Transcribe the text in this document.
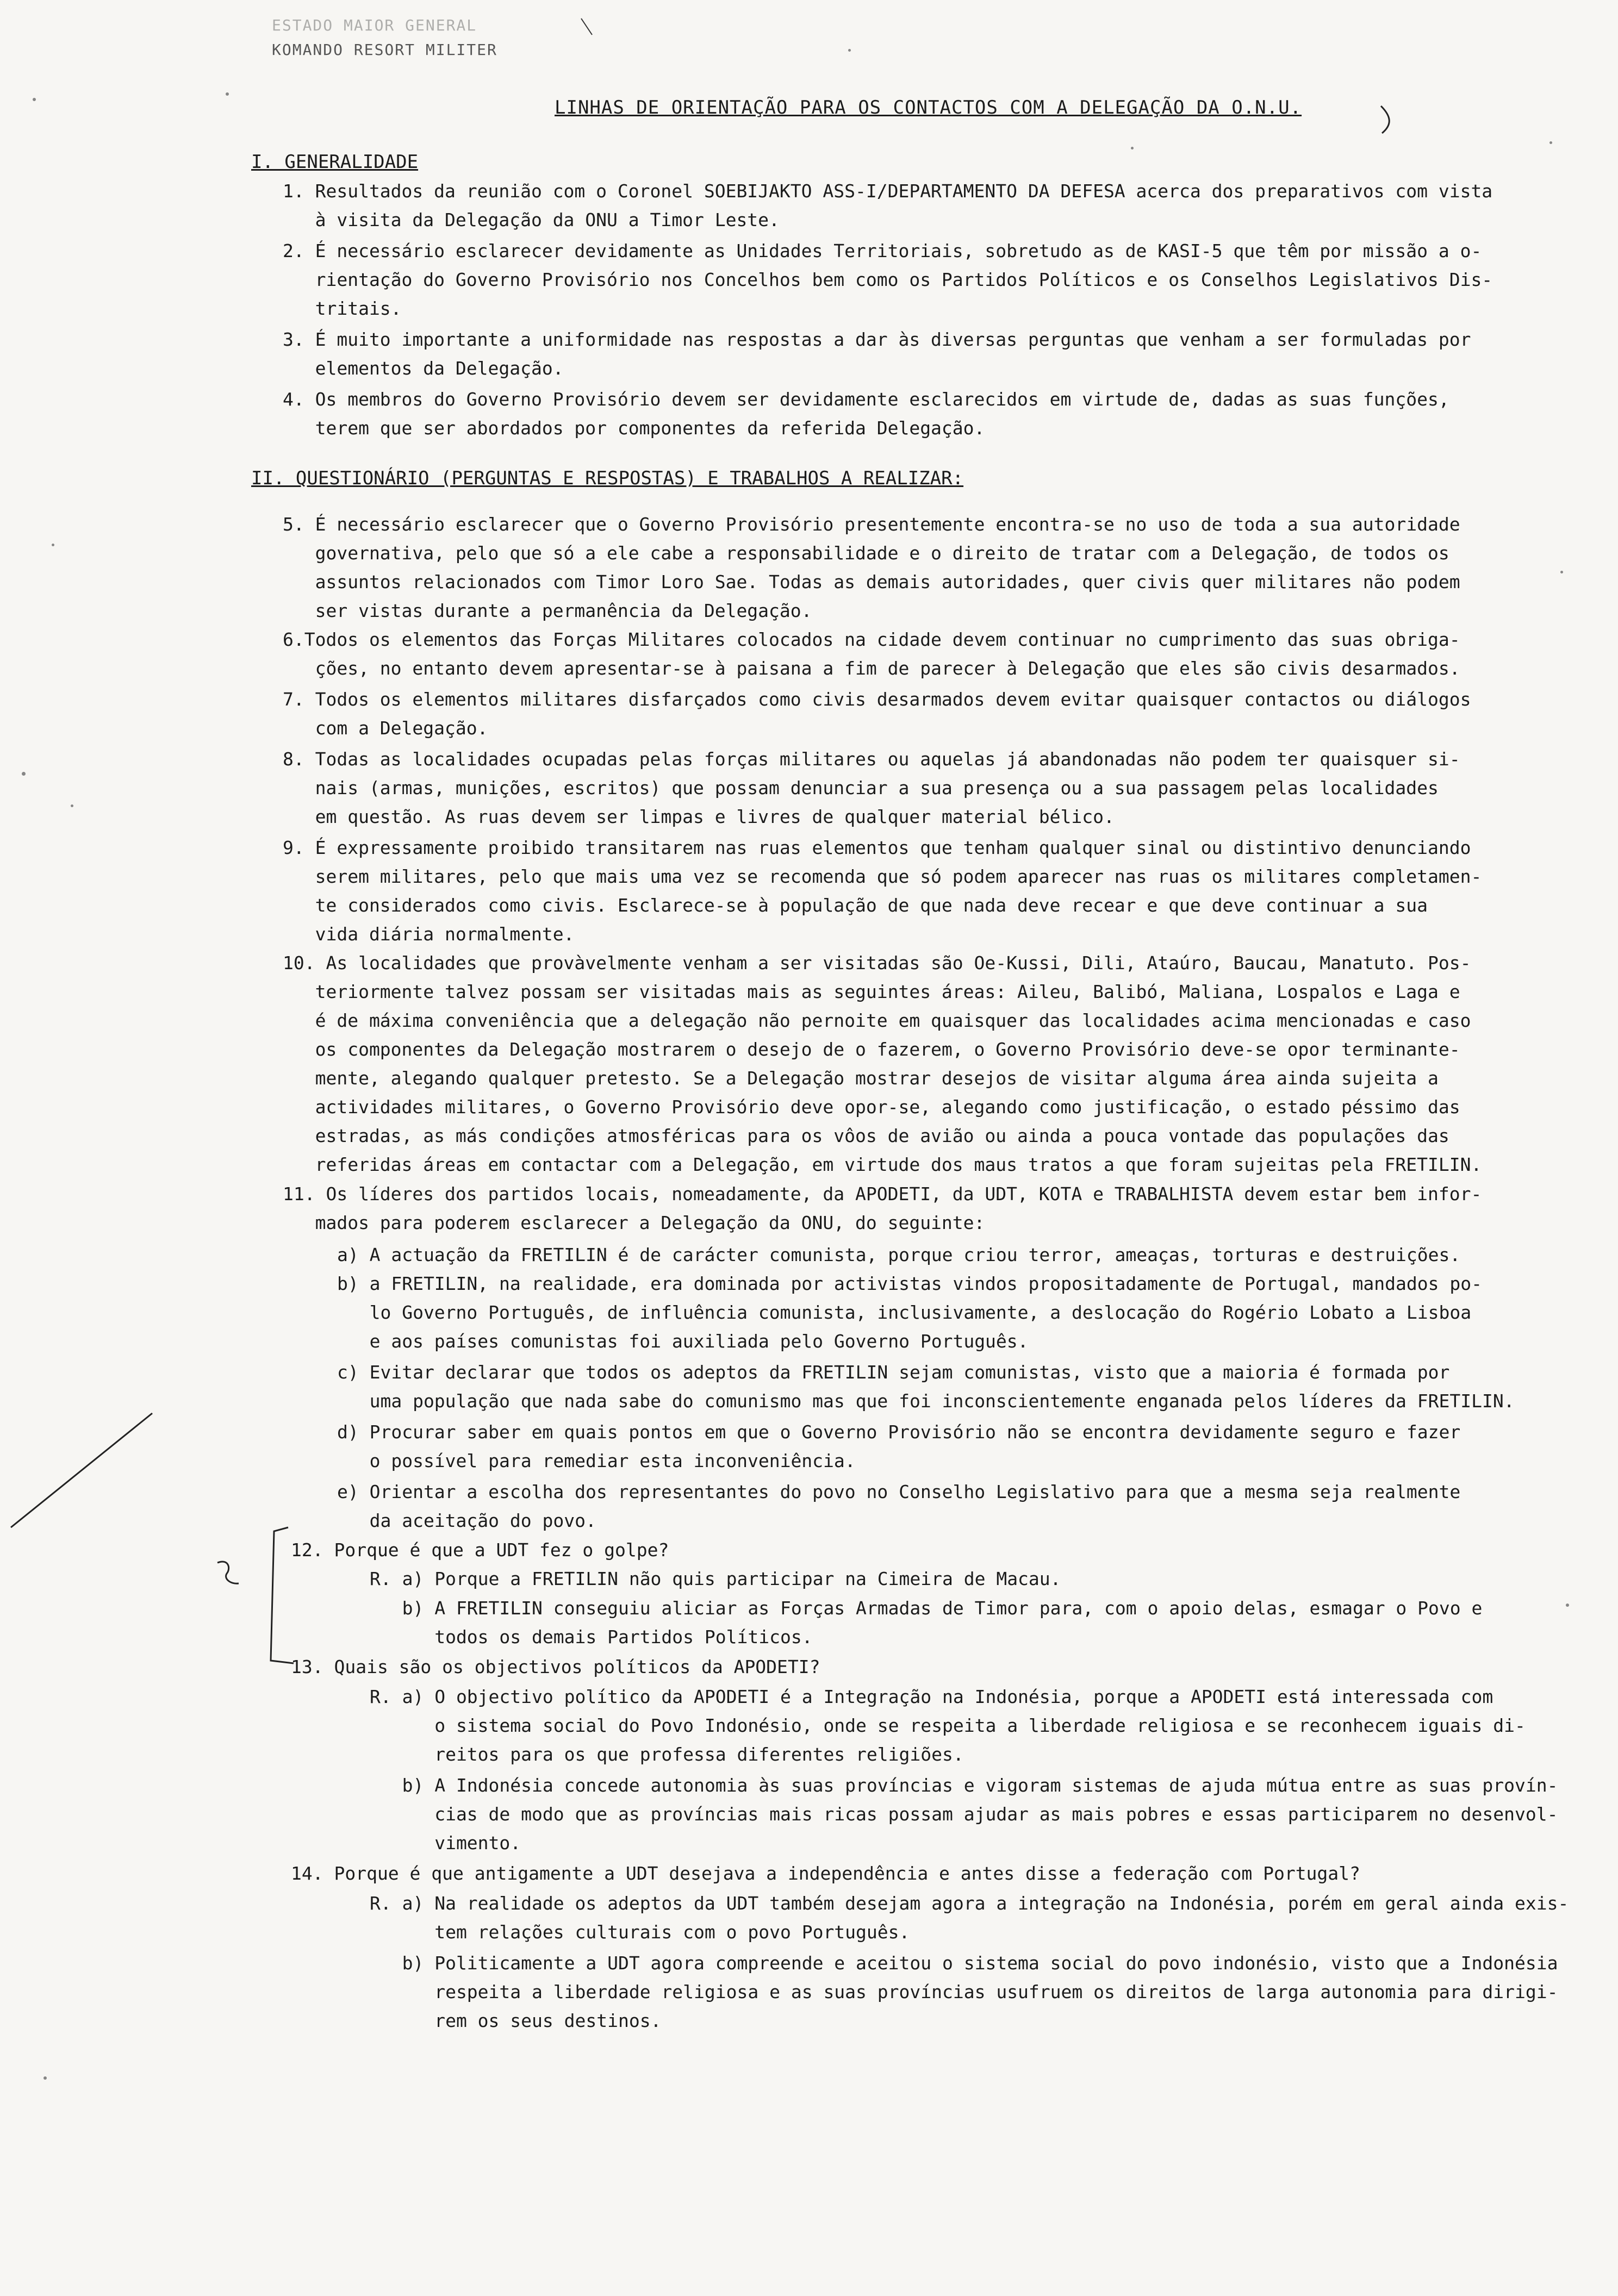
ESTADO MAIOR GENERAL
KOMANDO RESORT MILITER
LINHAS DE ORIENTAÇÃO PARA OS CONTACTOS COM A DELEGAÇÃO DA O.N.U.
I. GENERALIDADE
1. Resultados da reunião com o Coronel SOEBIJAKTO ASS-I/DEPARTAMENTO DA DEFESA acerca dos preparativos com vista
à visita da Delegação da ONU a Timor Leste.
2. É necessário esclarecer devidamente as Unidades Territoriais, sobretudo as de KASI-5 que têm por missão a o-
rientação do Governo Provisório nos Concelhos bem como os Partidos Políticos e os Conselhos Legislativos Dis-
tritais.
3. É muito importante a uniformidade nas respostas a dar às diversas perguntas que venham a ser formuladas por
elementos da Delegação.
4. Os membros do Governo Provisório devem ser devidamente esclarecidos em virtude de, dadas as suas funções,
terem que ser abordados por componentes da referida Delegação.
II. QUESTIONÁRIO (PERGUNTAS E RESPOSTAS) E TRABALHOS A REALIZAR:
5. É necessário esclarecer que o Governo Provisório presentemente encontra-se no uso de toda a sua autoridade
governativa, pelo que só a ele cabe a responsabilidade e o direito de tratar com a Delegação, de todos os
assuntos relacionados com Timor Loro Sae. Todas as demais autoridades, quer civis quer militares não podem
ser vistas durante a permanência da Delegação.
6.Todos os elementos das Forças Militares colocados na cidade devem continuar no cumprimento das suas obriga-
ções, no entanto devem apresentar-se à paisana a fim de parecer à Delegação que eles são civis desarmados.
7. Todos os elementos militares disfarçados como civis desarmados devem evitar quaisquer contactos ou diálogos
com a Delegação.
8. Todas as localidades ocupadas pelas forças militares ou aquelas já abandonadas não podem ter quaisquer si-
nais (armas, munições, escritos) que possam denunciar a sua presença ou a sua passagem pelas localidades
em questão. As ruas devem ser limpas e livres de qualquer material bélico.
9. É expressamente proibido transitarem nas ruas elementos que tenham qualquer sinal ou distintivo denunciando
serem militares, pelo que mais uma vez se recomenda que só podem aparecer nas ruas os militares completamen-
te considerados como civis. Esclarece-se à população de que nada deve recear e que deve continuar a sua
vida diária normalmente.
10. As localidades que provàvelmente venham a ser visitadas são Oe-Kussi, Dili, Ataúro, Baucau, Manatuto. Pos-
teriormente talvez possam ser visitadas mais as seguintes áreas: Aileu, Balibó, Maliana, Lospalos e Laga e
é de máxima conveniência que a delegação não pernoite em quaisquer das localidades acima mencionadas e caso
os componentes da Delegação mostrarem o desejo de o fazerem, o Governo Provisório deve-se opor terminante-
mente, alegando qualquer pretesto. Se a Delegação mostrar desejos de visitar alguma área ainda sujeita a
actividades militares, o Governo Provisório deve opor-se, alegando como justificação, o estado péssimo das
estradas, as más condições atmosféricas para os vôos de avião ou ainda a pouca vontade das populações das
referidas áreas em contactar com a Delegação, em virtude dos maus tratos a que foram sujeitas pela FRETILIN.
11. Os líderes dos partidos locais, nomeadamente, da APODETI, da UDT, KOTA e TRABALHISTA devem estar bem infor-
mados para poderem esclarecer a Delegação da ONU, do seguinte:
a) A actuação da FRETILIN é de carácter comunista, porque criou terror, ameaças, torturas e destruições.
b) a FRETILIN, na realidade, era dominada por activistas vindos propositadamente de Portugal, mandados po-
lo Governo Português, de influência comunista, inclusivamente, a deslocação do Rogério Lobato a Lisboa
e aos países comunistas foi auxiliada pelo Governo Português.
c) Evitar declarar que todos os adeptos da FRETILIN sejam comunistas, visto que a maioria é formada por
uma população que nada sabe do comunismo mas que foi inconscientemente enganada pelos líderes da FRETILIN.
d) Procurar saber em quais pontos em que o Governo Provisório não se encontra devidamente seguro e fazer
o possível para remediar esta inconveniência.
e) Orientar a escolha dos representantes do povo no Conselho Legislativo para que a mesma seja realmente
da aceitação do povo.
12. Porque é que a UDT fez o golpe?
R. a) Porque a FRETILIN não quis participar na Cimeira de Macau.
b) A FRETILIN conseguiu aliciar as Forças Armadas de Timor para, com o apoio delas, esmagar o Povo e
todos os demais Partidos Políticos.
13. Quais são os objectivos políticos da APODETI?
R. a) O objectivo político da APODETI é a Integração na Indonésia, porque a APODETI está interessada com
o sistema social do Povo Indonésio, onde se respeita a liberdade religiosa e se reconhecem iguais di-
reitos para os que professa diferentes religiões.
b) A Indonésia concede autonomia às suas províncias e vigoram sistemas de ajuda mútua entre as suas provín-
cias de modo que as províncias mais ricas possam ajudar as mais pobres e essas participarem no desenvol-
vimento.
14. Porque é que antigamente a UDT desejava a independência e antes disse a federação com Portugal?
R. a) Na realidade os adeptos da UDT também desejam agora a integração na Indonésia, porém em geral ainda exis-
tem relações culturais com o povo Português.
b) Politicamente a UDT agora compreende e aceitou o sistema social do povo indonésio, visto que a Indonésia
respeita a liberdade religiosa e as suas províncias usufruem os direitos de larga autonomia para dirigi-
rem os seus destinos.
